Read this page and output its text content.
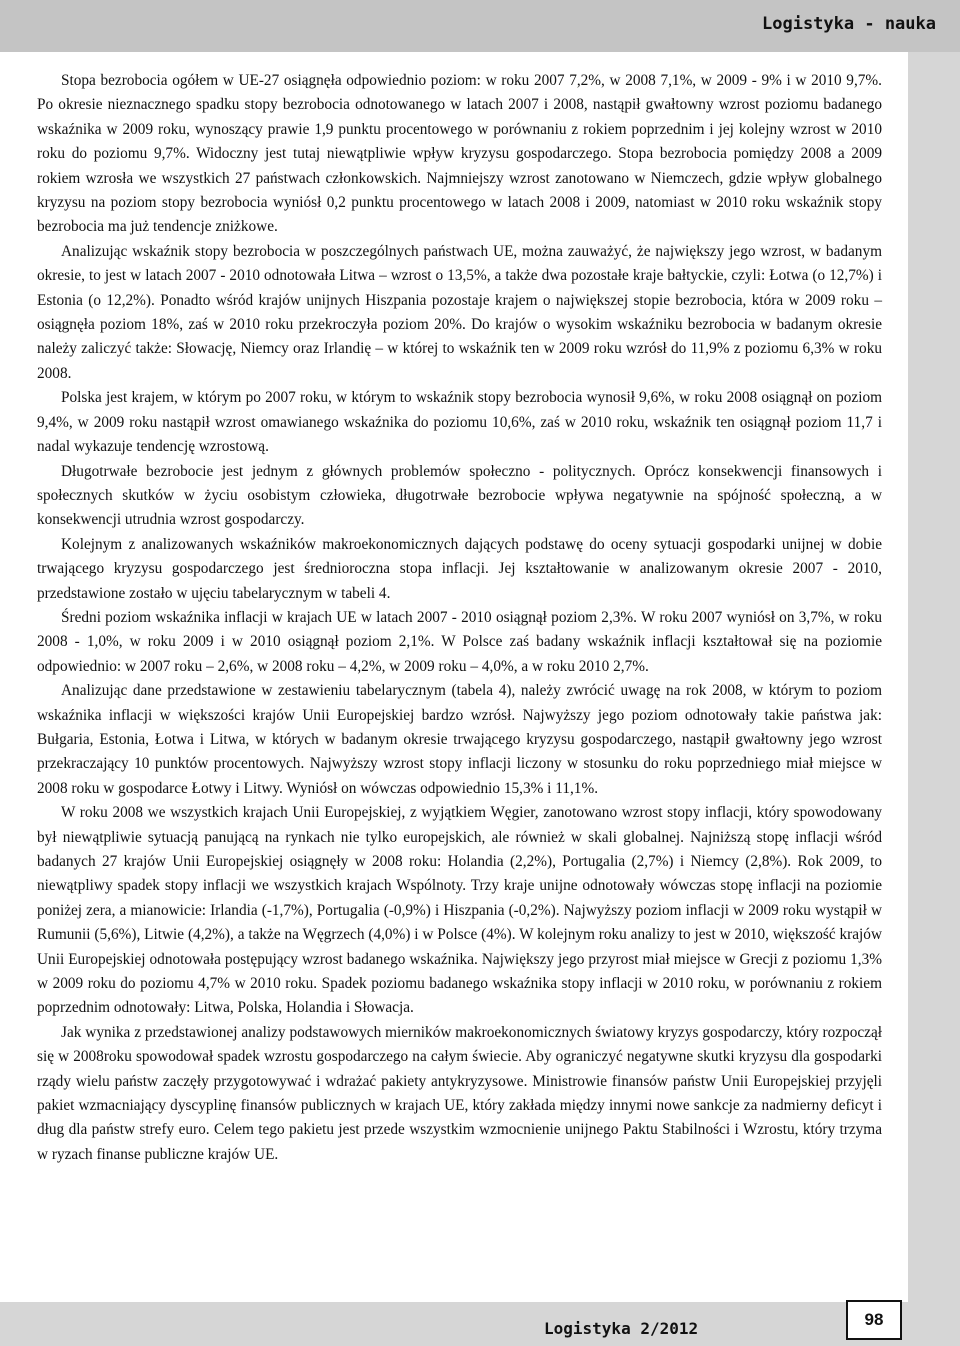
Logistyka - nauka

Stopa bezrobocia ogółem w UE-27 osiągnęła odpowiednio poziom: w roku 2007 7,2%, w 2008 7,1%, w 2009 - 9% i w 2010 9,7%. Po okresie nieznacznego spadku stopy bezrobocia odnotowanego w latach 2007 i 2008, nastąpił gwałtowny wzrost poziomu badanego wskaźnika w 2009 roku, wynoszący prawie 1,9 punktu procentowego w porównaniu z rokiem poprzednim i jej kolejny wzrost w 2010 roku do poziomu 9,7%. Widoczny jest tutaj niewątpliwie wpływ kryzysu gospodarczego. Stopa bezrobocia pomiędzy 2008 a 2009 rokiem wzrosła we wszystkich 27 państwach członkowskich. Najmniejszy wzrost zanotowano w Niemczech, gdzie wpływ globalnego kryzysu na poziom stopy bezrobocia wyniósł 0,2 punktu procentowego w latach 2008 i 2009, natomiast w 2010 roku wskaźnik stopy bezrobocia ma już tendencje zniżkowe.

Analizując wskaźnik stopy bezrobocia w poszczególnych państwach UE, można zauważyć, że największy jego wzrost, w badanym okresie, to jest w latach 2007 - 2010 odnotowała Litwa – wzrost o 13,5%, a także dwa pozostałe kraje bałtyckie, czyli: Łotwa (o 12,7%) i Estonia (o 12,2%). Ponadto wśród krajów unijnych Hiszpania pozostaje krajem o największej stopie bezrobocia, która w 2009 roku – osiągnęła poziom 18%, zaś w 2010 roku przekroczyła poziom 20%. Do krajów o wysokim wskaźniku bezrobocia w badanym okresie należy zaliczyć także: Słowację, Niemcy oraz Irlandię – w której to wskaźnik ten w 2009 roku wzrósł do 11,9% z poziomu 6,3% w roku 2008.

Polska jest krajem, w którym po 2007 roku, w którym to wskaźnik stopy bezrobocia wynosił 9,6%, w roku 2008 osiągnął on poziom 9,4%, w 2009 roku nastąpił wzrost omawianego wskaźnika do poziomu 10,6%, zaś w 2010 roku, wskaźnik ten osiągnął poziom 11,7 i nadal wykazuje tendencję wzrostową.

Długotrwałe bezrobocie jest jednym z głównych problemów społeczno - politycznych. Oprócz konsekwencji finansowych i społecznych skutków w życiu osobistym człowieka, długotrwałe bezrobocie wpływa negatywnie na spójność społeczną, a w konsekwencji utrudnia wzrost gospodarczy.

Kolejnym z analizowanych wskaźników makroekonomicznych dających podstawę do oceny sytuacji gospodarki unijnej w dobie trwającego kryzysu gospodarczego jest średnioroczna stopa inflacji. Jej kształtowanie w analizowanym okresie 2007 - 2010, przedstawione zostało w ujęciu tabelarycznym w tabeli 4.

Średni poziom wskaźnika inflacji w krajach UE w latach 2007 - 2010 osiągnął poziom 2,3%. W roku 2007 wyniósł on 3,7%, w roku 2008 - 1,0%, w roku 2009 i w 2010 osiągnął poziom 2,1%. W Polsce zaś badany wskaźnik inflacji kształtował się na poziomie odpowiednio: w 2007 roku – 2,6%, w 2008 roku – 4,2%, w 2009 roku – 4,0%, a w roku 2010 2,7%.

Analizując dane przedstawione w zestawieniu tabelarycznym (tabela 4), należy zwrócić uwagę na rok 2008, w którym to poziom wskaźnika inflacji w większości krajów Unii Europejskiej bardzo wzrósł. Najwyższy jego poziom odnotowały takie państwa jak: Bułgaria, Estonia, Łotwa i Litwa, w których w badanym okresie trwającego kryzysu gospodarczego, nastąpił gwałtowny jego wzrost przekraczający 10 punktów procentowych. Najwyższy wzrost stopy inflacji liczony w stosunku do roku poprzedniego miał miejsce w 2008 roku w gospodarce Łotwy i Litwy. Wyniósł on wówczas odpowiednio 15,3% i 11,1%.

W roku 2008 we wszystkich krajach Unii Europejskiej, z wyjątkiem Węgier, zanotowano wzrost stopy inflacji, który spowodowany był niewątpliwie sytuacją panującą na rynkach nie tylko europejskich, ale również w skali globalnej. Najniższą stopę inflacji wśród badanych 27 krajów Unii Europejskiej osiągnęły w 2008 roku: Holandia (2,2%), Portugalia (2,7%) i Niemcy (2,8%). Rok 2009, to niewątpliwy spadek stopy inflacji we wszystkich krajach Wspólnoty. Trzy kraje unijne odnotowały wówczas stopę inflacji na poziomie poniżej zera, a mianowicie: Irlandia (-1,7%), Portugalia (-0,9%) i Hiszpania (-0,2%). Najwyższy poziom inflacji w 2009 roku wystąpił w Rumunii (5,6%), Litwie (4,2%), a także na Węgrzech (4,0%) i w Polsce (4%). W kolejnym roku analizy to jest w 2010, większość krajów Unii Europejskiej odnotowała postępujący wzrost badanego wskaźnika. Największy jego przyrost miał miejsce w Grecji z poziomu 1,3% w 2009 roku do poziomu 4,7% w 2010 roku. Spadek poziomu badanego wskaźnika stopy inflacji w 2010 roku, w porównaniu z rokiem poprzednim odnotowały: Litwa, Polska, Holandia i Słowacja.

Jak wynika z przedstawionej analizy podstawowych mierników makroekonomicznych światowy kryzys gospodarczy, który rozpoczął się w 2008roku spowodował spadek wzrostu gospodarczego na całym świecie. Aby ograniczyć negatywne skutki kryzysu dla gospodarki rządy wielu państw zaczęły przygotowywać i wdrażać pakiety antykryzysowe. Ministrowie finansów państw Unii Europejskiej przyjęli pakiet wzmacniający dyscyplinę finansów publicznych w krajach UE, który zakłada między innymi nowe sankcje za nadmierny deficyt i dług dla państw strefy euro. Celem tego pakietu jest przede wszystkim wzmocnienie unijnego Paktu Stabilności i Wzrostu, który trzyma w ryzach finanse publiczne krajów UE.

Logistyka 2/2012	98
